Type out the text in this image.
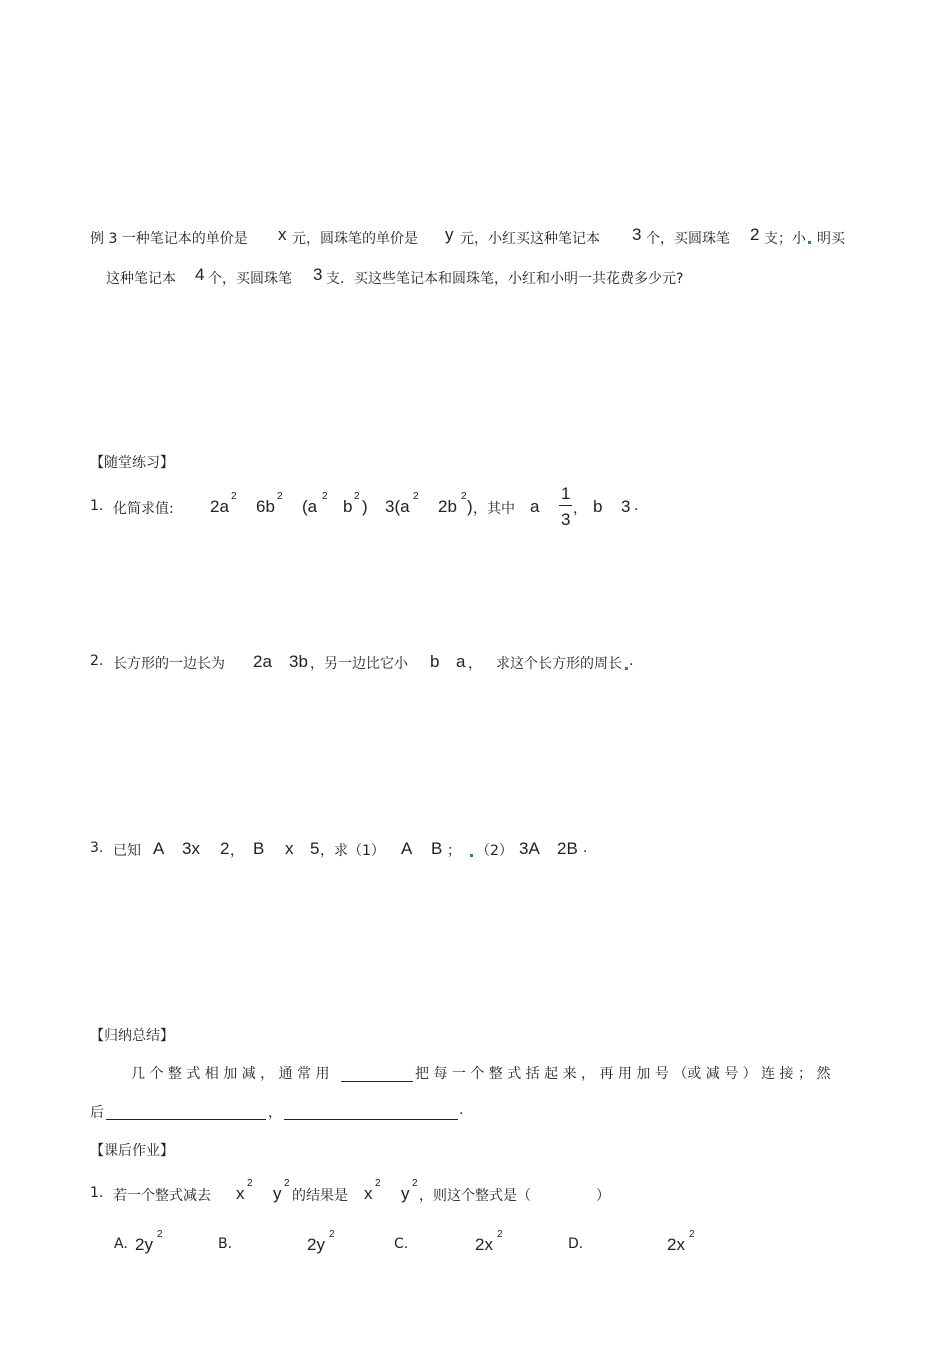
例 3 一种笔记本的单价是 x 元，圆珠笔的单价是 y 元，小红买这种笔记本 3 个，买圆珠笔 2 支；小 明买
这种笔记本 4 个，买圆珠笔 3 支．买这些笔记本和圆珠笔，小红和小明一共花费多少元?
【随堂练习】
1. 化简求值: 2a
2
6b
2
(a
2
b
2
) 3(a
2
2b
2
) ，其中 a
1
3
， b 3 .
2. 长方形的一边长为 2a 3b ，另一边比它小 b a ， 求这个长方形的周长 .
3. 已知 A 3x 2 ， B x 5 ，求（1） A B ； （2） 3A 2B .
【归纳总结】
几 个 整 式 相 加 减 ， 通 常 用	把 每 一 个 整 式 括 起 来 ， 再 用 加 号 （或 减 号 ） 连 接 ； 然
后	，	.
【课后作业】
1. 若一个整式减去 x
2
y
2
的结果是 x
2
y
2
，则这个整式是（	）
A. 2y
2
B.	2y
2
C.	2x
2
D.	2x
2
